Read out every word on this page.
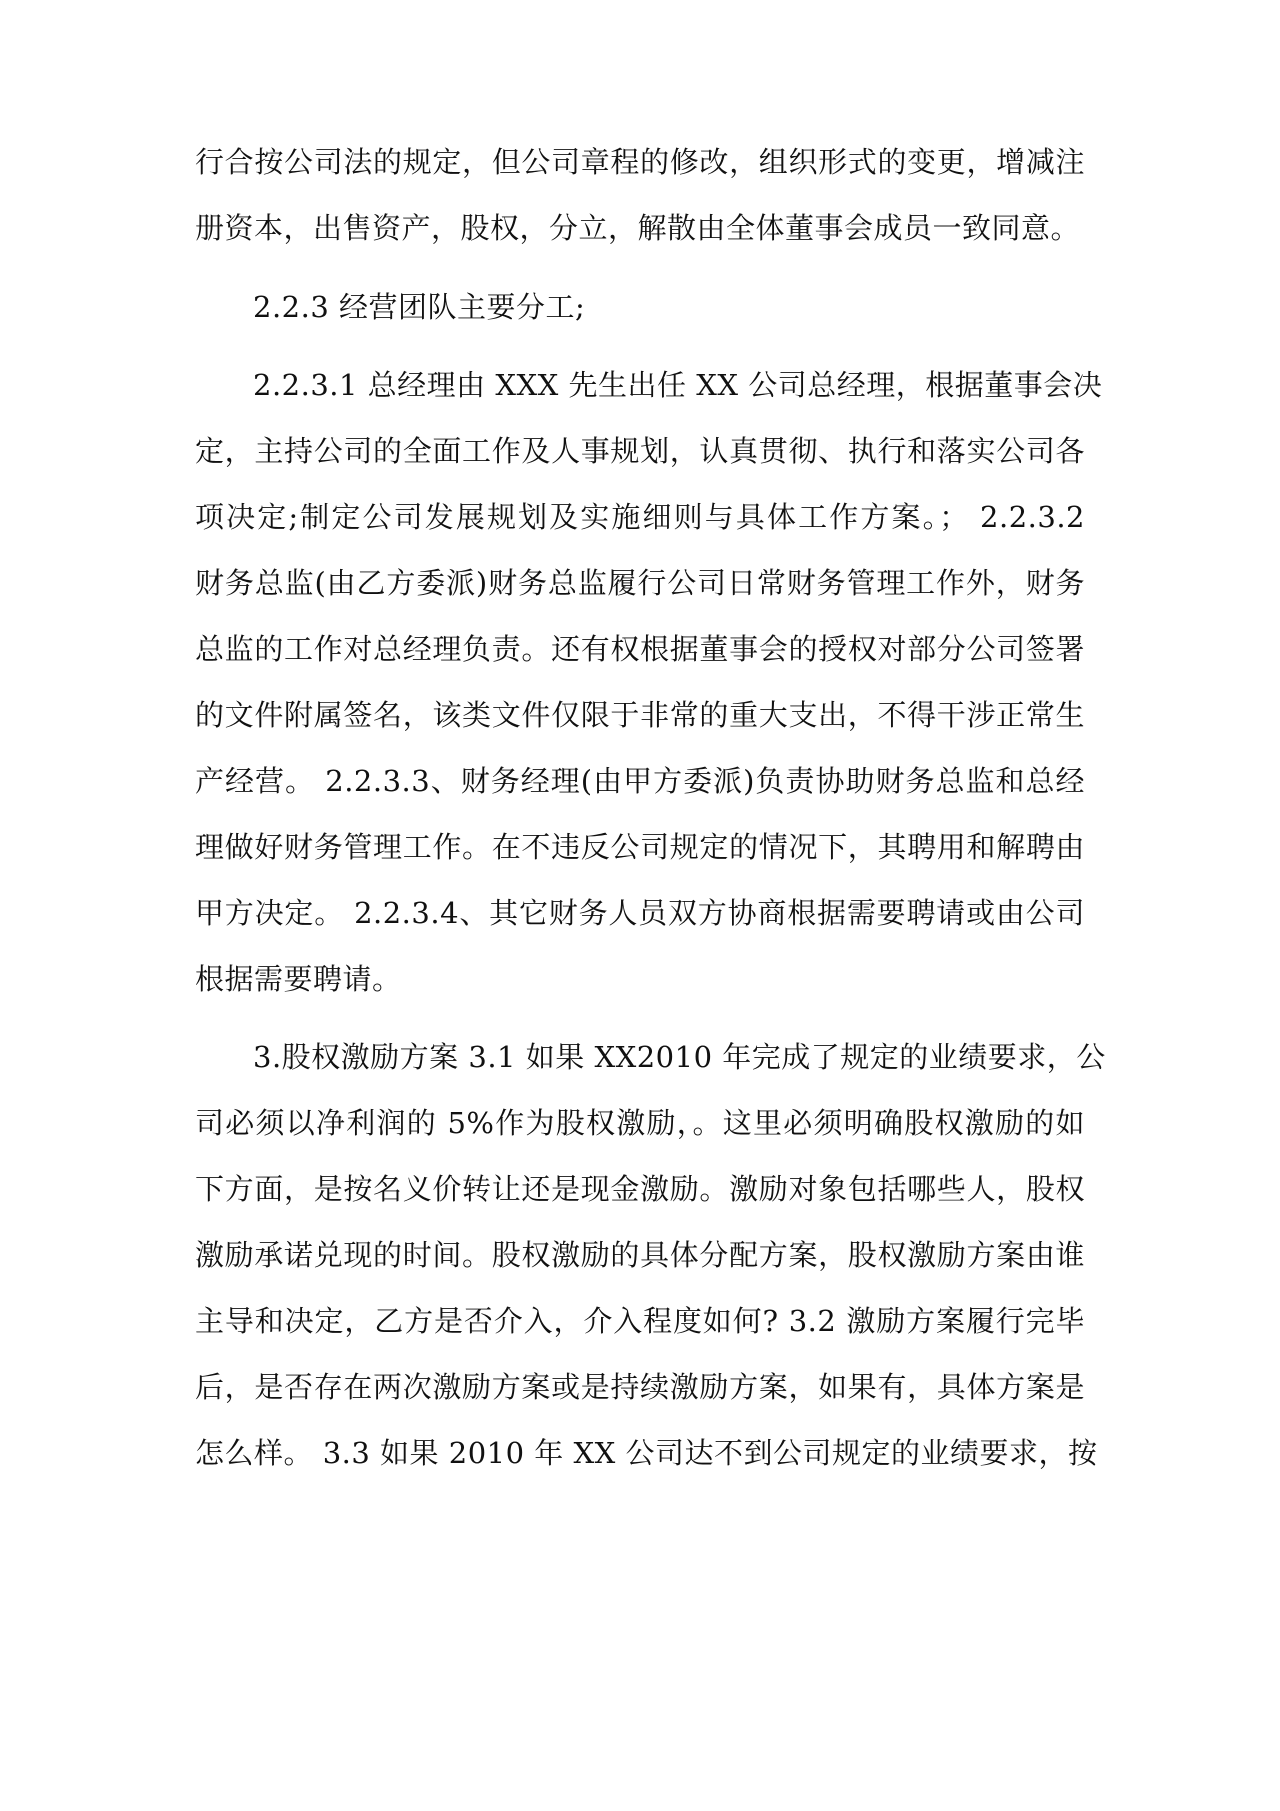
行合按公司法的规定，但公司章程的修改，组织形式的变更，增减注
册资本，出售资产，股权，分立，解散由全体董事会成员一致同意。
2.2.3 经营团队主要分工;
2.2.3.1 总经理由 XXX 先生出任 XX 公司总经理，根据董事会决
定，主持公司的全面工作及人事规划，认真贯彻、执行和落实公司各
项决定;制定公司发展规划及实施细则与具体工作方案。； 2.2.3.2
财务总监(由乙方委派)财务总监履行公司日常财务管理工作外，财务
总监的工作对总经理负责。还有权根据董事会的授权对部分公司签署
的文件附属签名，该类文件仅限于非常的重大支出，不得干涉正常生
产经营。 2.2.3.3、财务经理(由甲方委派)负责协助财务总监和总经
理做好财务管理工作。在不违反公司规定的情况下，其聘用和解聘由
甲方决定。 2.2.3.4、其它财务人员双方协商根据需要聘请或由公司
根据需要聘请。
3.股权激励方案 3.1 如果 XX2010 年完成了规定的业绩要求，公
司必须以净利润的 5%作为股权激励，。这里必须明确股权激励的如
下方面，是按名义价转让还是现金激励。激励对象包括哪些人，股权
激励承诺兑现的时间。股权激励的具体分配方案，股权激励方案由谁
主导和决定，乙方是否介入，介入程度如何? 3.2 激励方案履行完毕
后，是否存在两次激励方案或是持续激励方案，如果有，具体方案是
怎么样。 3.3 如果 2010 年 XX 公司达不到公司规定的业绩要求，按
